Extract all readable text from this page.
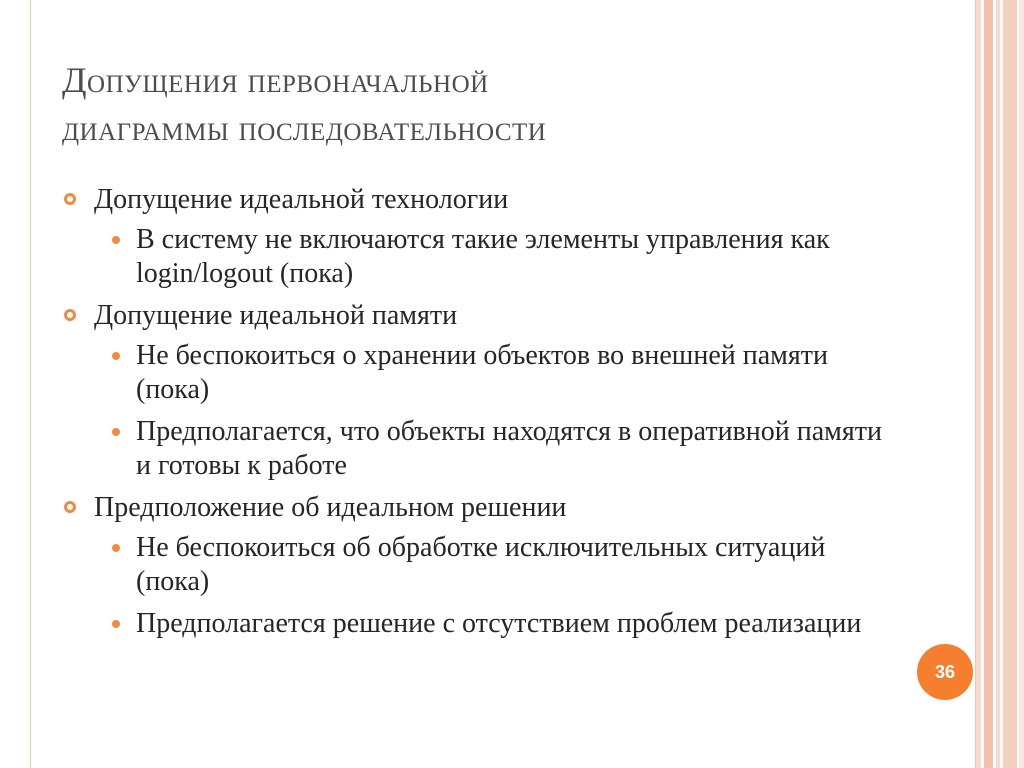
Допущения первоначальной
диаграммы последовательности
Допущение идеальной технологии
В систему не включаются такие элементы управления как login/logout (пока)
Допущение идеальной памяти
Не беспокоиться о хранении объектов во внешней памяти (пока)
Предполагается, что объекты находятся в оперативной памяти и готовы к работе
Предположение об идеальном решении
Не беспокоиться об обработке исключительных ситуаций (пока)
Предполагается решение с отсутствием проблем реализации
36
